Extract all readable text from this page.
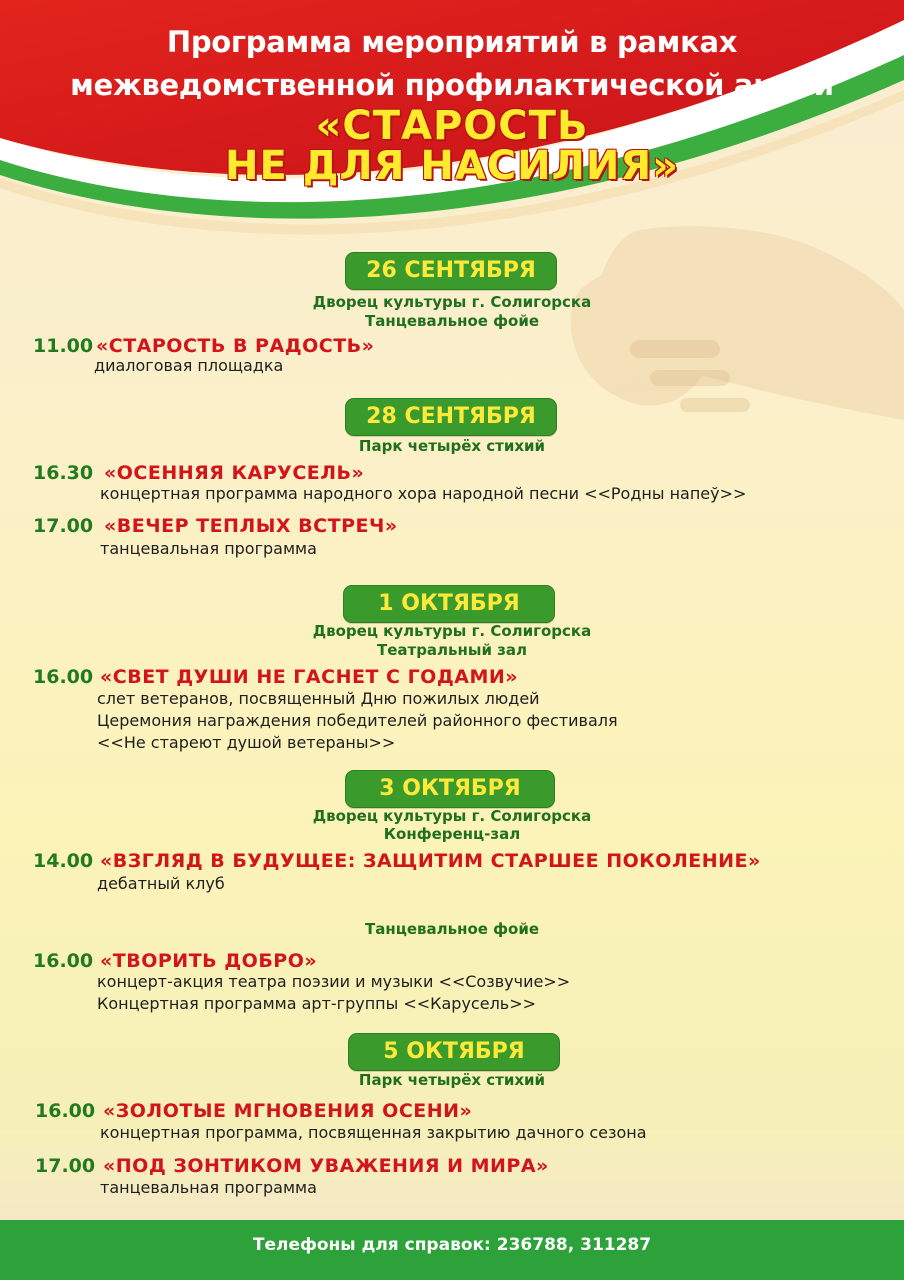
Программа мероприятий в рамках
межведомственной профилактической акции
«СТАРОСТЬ
НЕ ДЛЯ НАСИЛИЯ»
26 СЕНТЯБРЯ
Дворец культуры г. Солигорска
Танцевальное фойе
11.00 «СТАРОСТЬ В РАДОСТЬ»
диалоговая площадка
28 СЕНТЯБРЯ
Парк четырёх стихий
16.30 «ОСЕННЯЯ КАРУСЕЛЬ»
концертная программа народного хора народной песни <<Родны напеў>>
17.00 «ВЕЧЕР ТЕПЛЫХ ВСТРЕЧ»
танцевальная программа
1 ОКТЯБРЯ
Дворец культуры г. Солигорска
Театральный зал
16.00 «СВЕТ ДУШИ НЕ ГАСНЕТ С ГОДАМИ»
слет ветеранов, посвященный Дню пожилых людей
Церемония награждения победителей районного фестиваля
<<Не стареют душой ветераны>>
3 ОКТЯБРЯ
Дворец культуры г. Солигорска
Конференц-зал
14.00 «ВЗГЛЯД В БУДУЩЕЕ: ЗАЩИТИМ СТАРШЕЕ ПОКОЛЕНИЕ»
дебатный клуб
Танцевальное фойе
16.00 «ТВОРИТЬ ДОБРО»
концерт-акция театра поэзии и музыки <<Созвучие>>
Концертная программа арт-группы <<Карусель>>
5 ОКТЯБРЯ
Парк четырёх стихий
16.00 «ЗОЛОТЫЕ МГНОВЕНИЯ ОСЕНИ»
концертная программа, посвященная закрытию дачного сезона
17.00 «ПОД ЗОНТИКОМ УВАЖЕНИЯ И МИРА»
танцевальная программа
Телефоны для справок: 236788, 311287
